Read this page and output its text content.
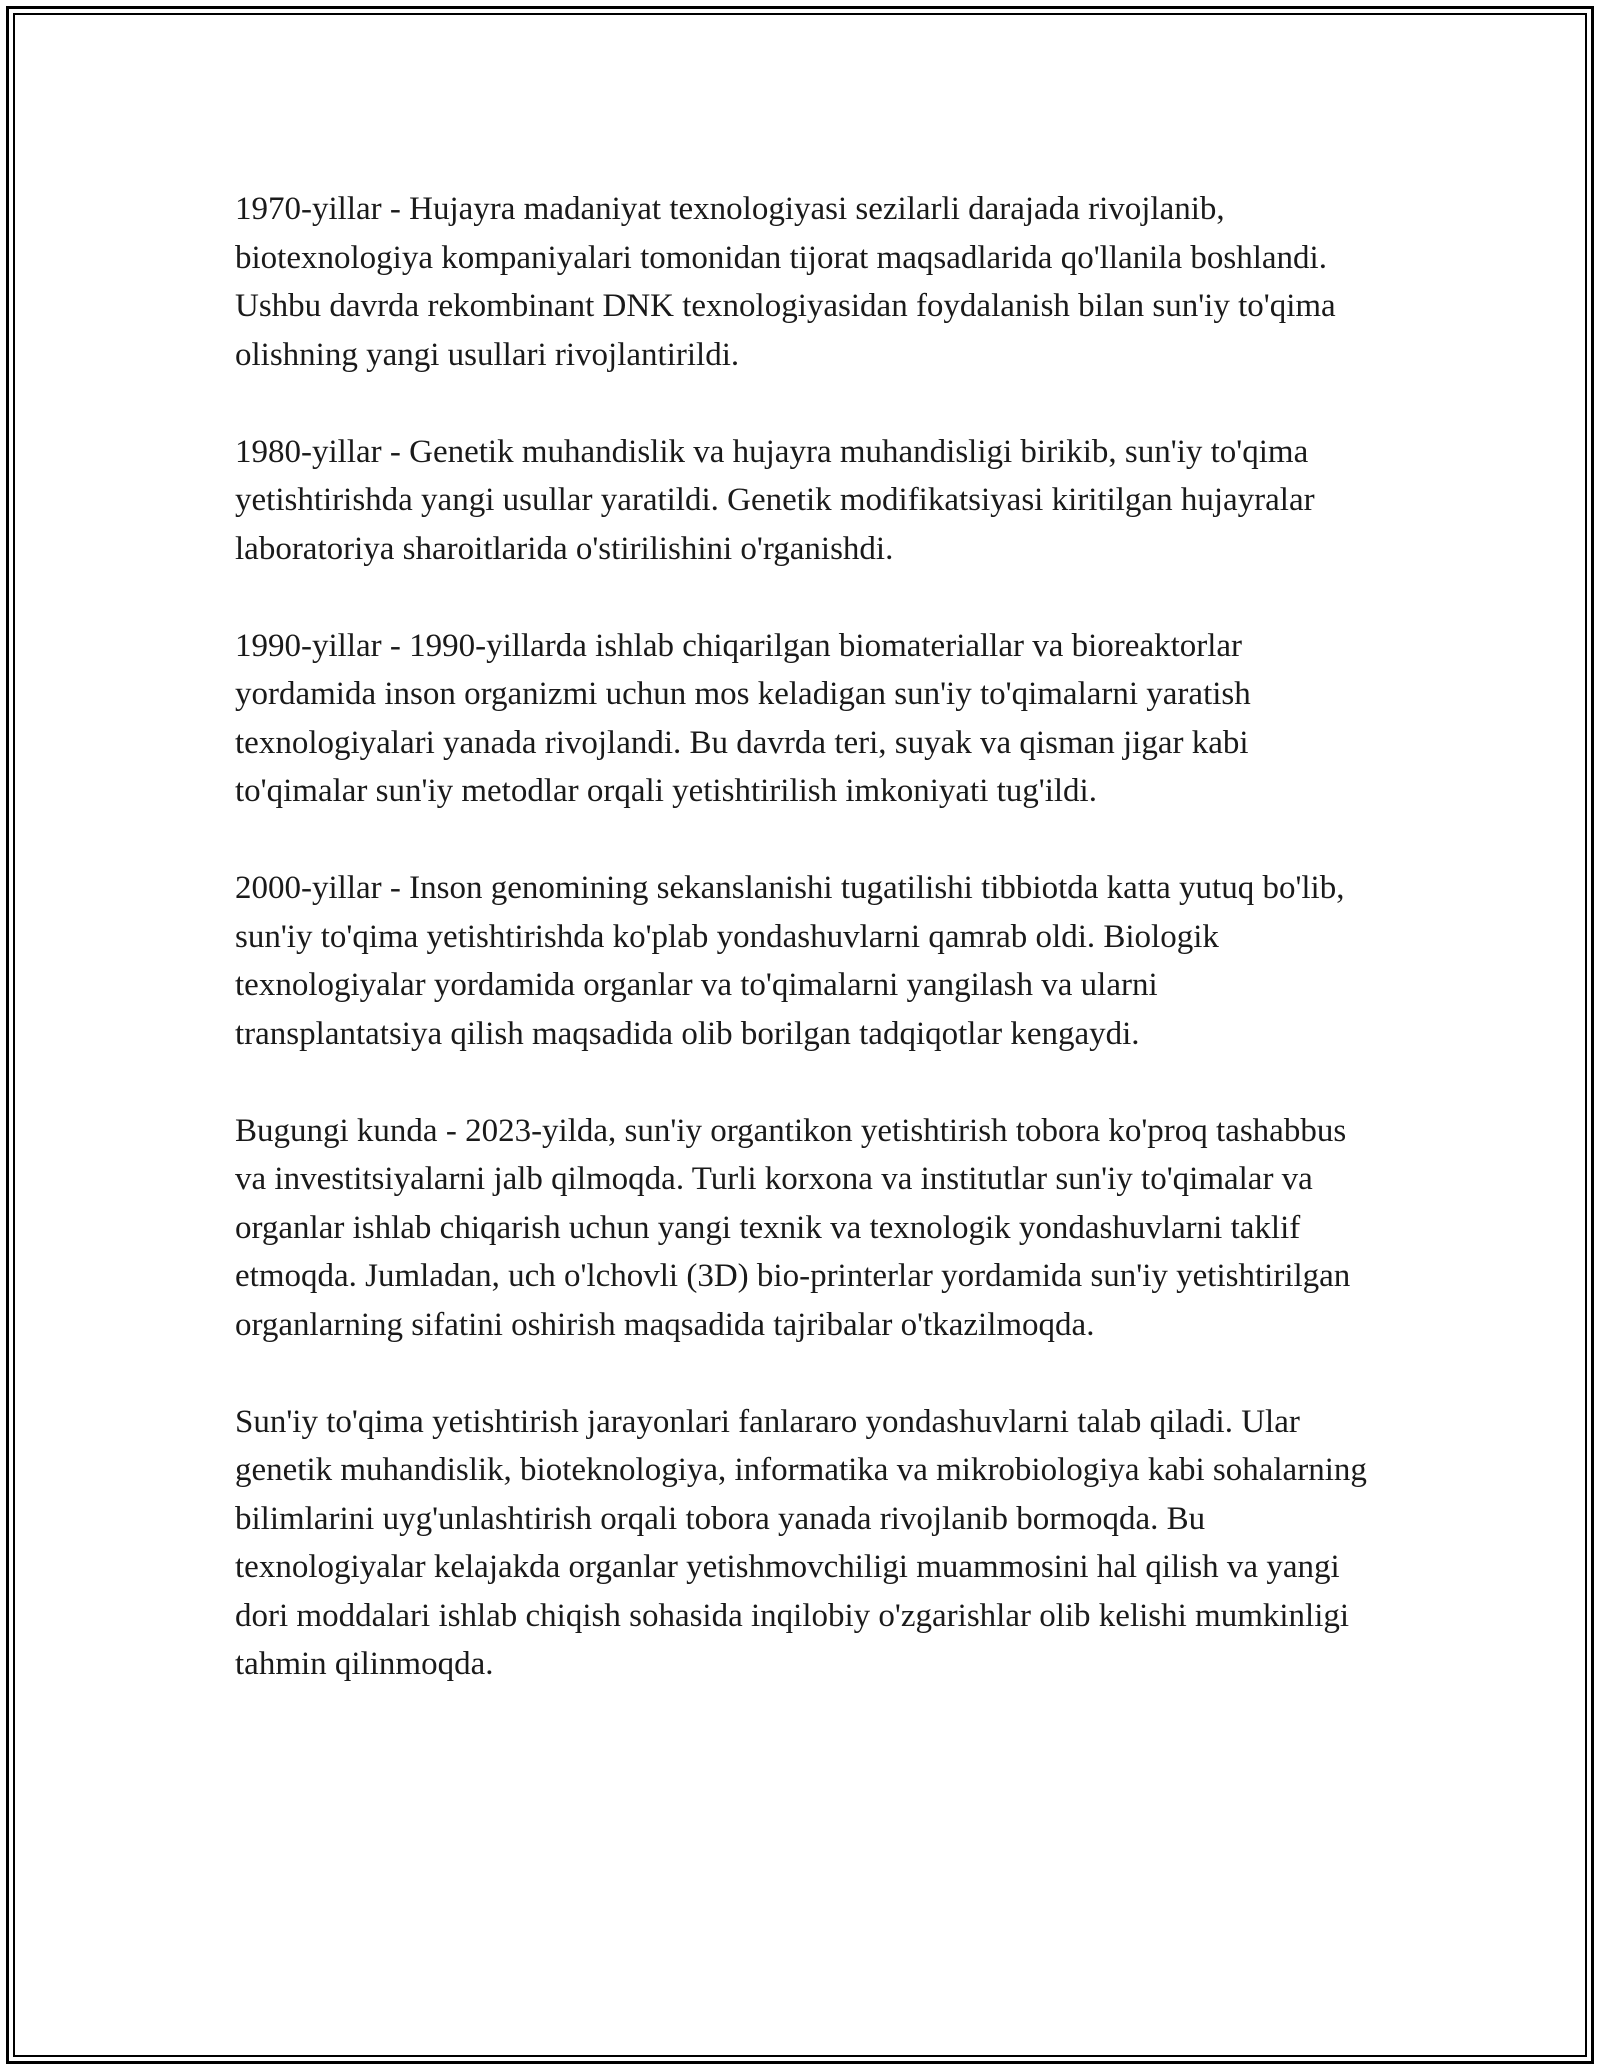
1970-yillar - Hujayra madaniyat texnologiyasi sezilarli darajada rivojlanib, biotexnologiya kompaniyalari tomonidan tijorat maqsadlarida qo'llanila boshlandi. Ushbu davrda rekombinant DNK texnologiyasidan foydalanish bilan sun'iy to'qima olishning yangi usullari rivojlantirildi.

1980-yillar - Genetik muhandislik va hujayra muhandisligi birikib, sun'iy to'qima yetishtirishda yangi usullar yaratildi. Genetik modifikatsiyasi kiritilgan hujayralar laboratoriya sharoitlarida o'stirilishini o'rganishdi.

1990-yillar - 1990-yillarda ishlab chiqarilgan biomateriallar va bioreaktorlar yordamida inson organizmi uchun mos keladigan sun'iy to'qimalarni yaratish texnologiyalari yanada rivojlandi. Bu davrda teri, suyak va qisman jigar kabi to'qimalar sun'iy metodlar orqali yetishtirilish imkoniyati tug'ildi.

2000-yillar - Inson genomining sekanslanishi tugatilishi tibbiotda katta yutuq bo'lib, sun'iy to'qima yetishtirishda ko'plab yondashuvlarni qamrab oldi. Biologik texnologiyalar yordamida organlar va to'qimalarni yangilash va ularni transplantatsiya qilish maqsadida olib borilgan tadqiqotlar kengaydi.

Bugungi kunda - 2023-yilda, sun'iy organtikon yetishtirish tobora ko'proq tashabbus va investitsiyalarni jalb qilmoqda. Turli korxona va institutlar sun'iy to'qimalar va organlar ishlab chiqarish uchun yangi texnik va texnologik yondashuvlarni taklif etmoqda. Jumladan, uch o'lchovli (3D) bio-printerlar yordamida sun'iy yetishtirilgan organlarning sifatini oshirish maqsadida tajribalar o'tkazilmoqda.

Sun'iy to'qima yetishtirish jarayonlari fanlararo yondashuvlarni talab qiladi. Ular genetik muhandislik, bioteknologiya, informatika va mikrobiologiya kabi sohalarning bilimlarini uyg'unlashtirish orqali tobora yanada rivojlanib bormoqda. Bu texnologiyalar kelajakda organlar yetishmovchiligi muammosini hal qilish va yangi dori moddalari ishlab chiqish sohasida inqilobiy o'zgarishlar olib kelishi mumkinligi tahmin qilinmoqda.
